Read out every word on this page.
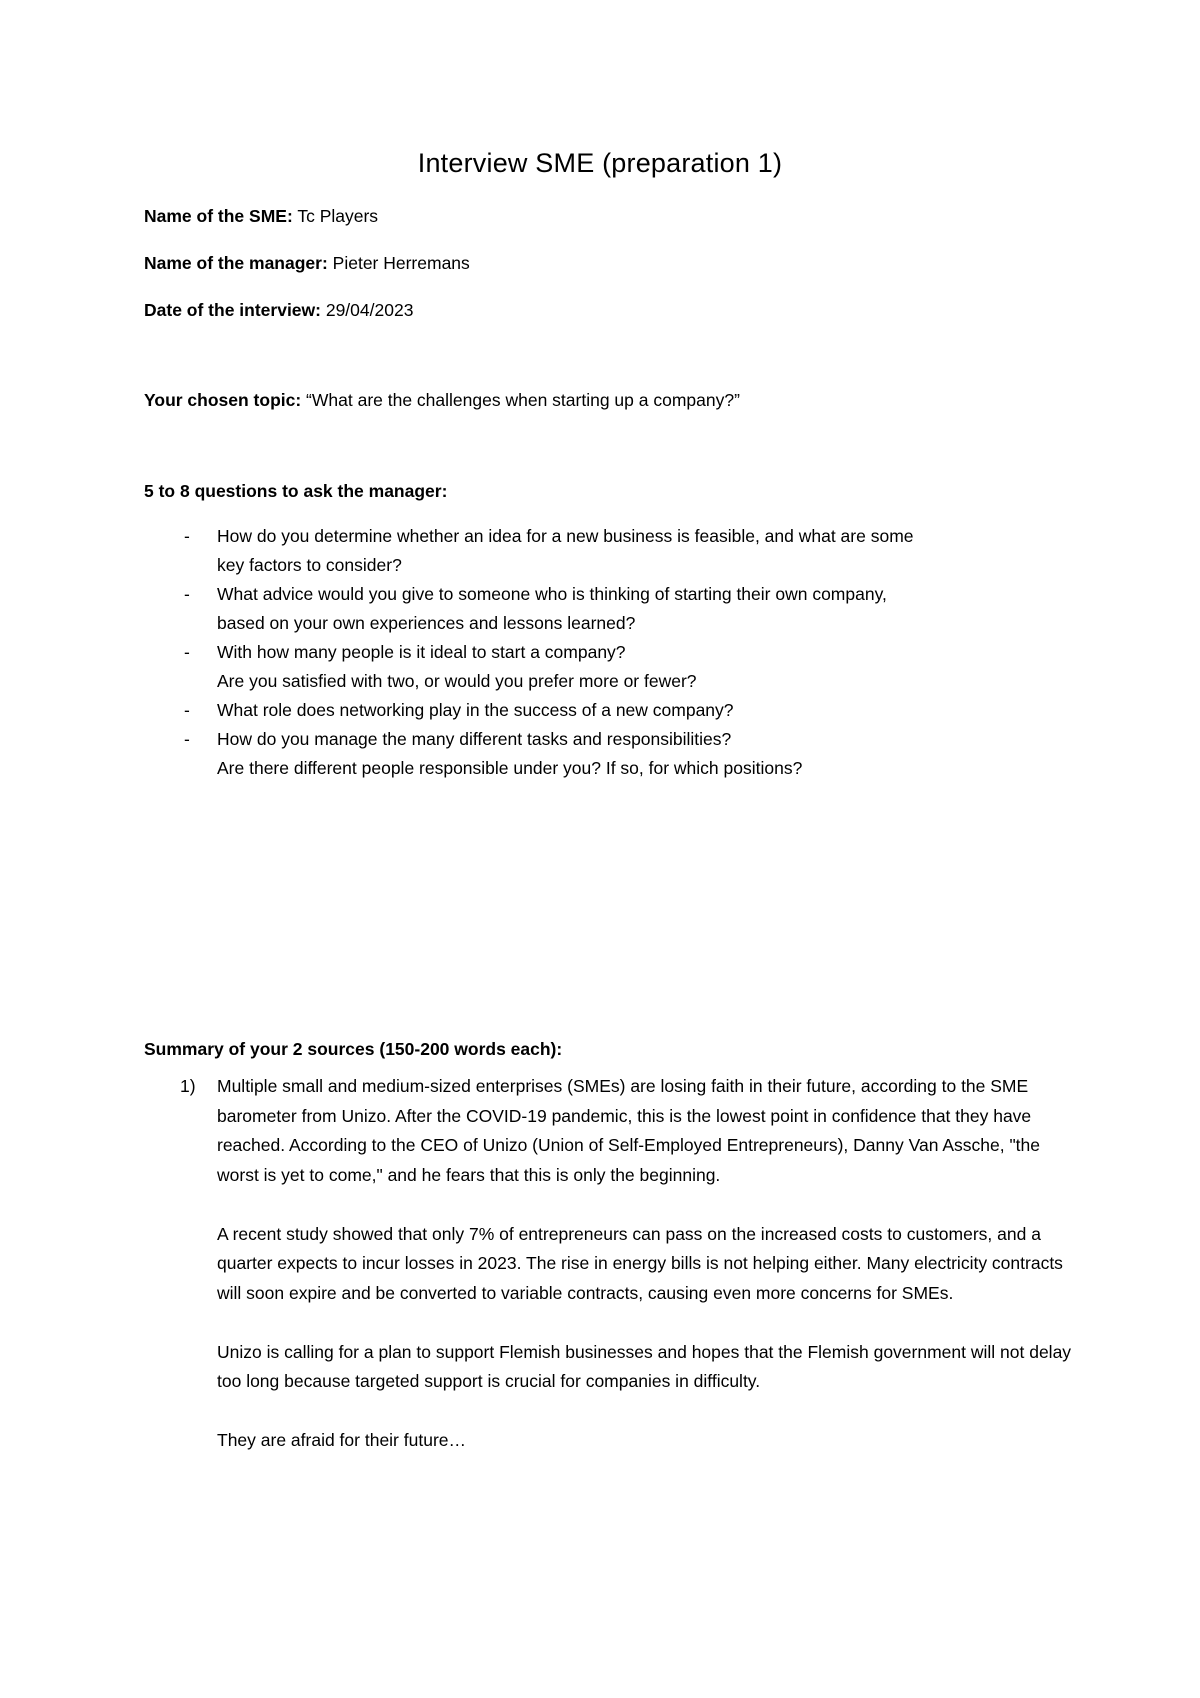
Interview SME (preparation 1)
Name of the SME: Tc Players
Name of the manager: Pieter Herremans
Date of the interview: 29/04/2023
Your chosen topic: “What are the challenges when starting up a company?”
5 to 8 questions to ask the manager:
- How do you determine whether an idea for a new business is feasible, and what are some
key factors to consider?
- What advice would you give to someone who is thinking of starting their own company,
based on your own experiences and lessons learned?
- With how many people is it ideal to start a company?
Are you satisfied with two, or would you prefer more or fewer?
- What role does networking play in the success of a new company?
- How do you manage the many different tasks and responsibilities?
Are there different people responsible under you? If so, for which positions?
Summary of your 2 sources (150-200 words each):
1) Multiple small and medium-sized enterprises (SMEs) are losing faith in their future, according to the SME barometer from Unizo. After the COVID-19 pandemic, this is the lowest point in confidence that they have reached. According to the CEO of Unizo (Union of Self-Employed Entrepreneurs), Danny Van Assche, "the worst is yet to come," and he fears that this is only the beginning.

A recent study showed that only 7% of entrepreneurs can pass on the increased costs to customers, and a quarter expects to incur losses in 2023. The rise in energy bills is not helping either. Many electricity contracts will soon expire and be converted to variable contracts, causing even more concerns for SMEs.

Unizo is calling for a plan to support Flemish businesses and hopes that the Flemish government will not delay too long because targeted support is crucial for companies in difficulty.

They are afraid for their future…
